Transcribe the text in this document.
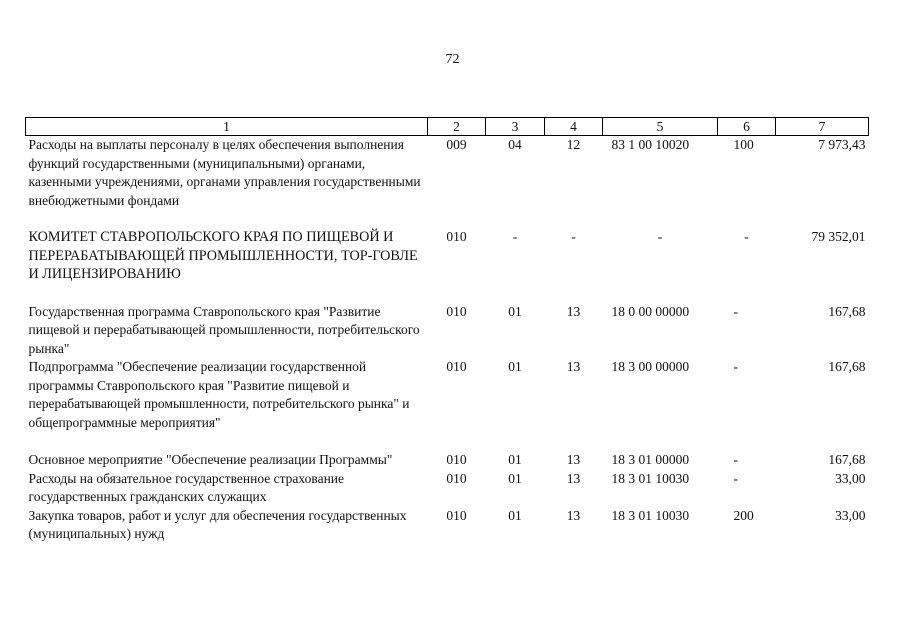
72
1	2	3	4	5	6	7
Расходы на выплаты персоналу в целях обеспечения выполнения функций государственными (муниципальными) органами, казенными учреждениями, органами управления государственными внебюджетными фондами	009	04	12	83 1 00 10020	100	7 973,43

КОМИТЕТ СТАВРОПОЛЬСКОГО КРАЯ ПО ПИЩЕВОЙ И ПЕРЕРАБАТЫВАЮЩЕЙ ПРОМЫШЛЕННОСТИ, ТОР-ГОВЛЕ И ЛИЦЕНЗИРОВАНИЮ	010	-	-	-	-	79 352,01

Государственная программа Ставропольского края "Развитие пищевой и перерабатывающей промышленности, потребительского рынка"	010	01	13	18 0 00 00000	-	167,68
Подпрограмма "Обеспечение реализации государственной программы Ставропольского края "Развитие пищевой и перерабатывающей промышленности, потребительского рынка" и общепрограммные мероприятия"	010	01	13	18 3 00 00000	-	167,68

Основное мероприятие "Обеспечение реализации Программы"	010	01	13	18 3 01 00000	-	167,68
Расходы на обязательное государственное страхование государственных гражданских служащих	010	01	13	18 3 01 10030	-	33,00
Закупка товаров, работ и услуг для обеспечения государственных (муниципальных) нужд	010	01	13	18 3 01 10030	200	33,00
